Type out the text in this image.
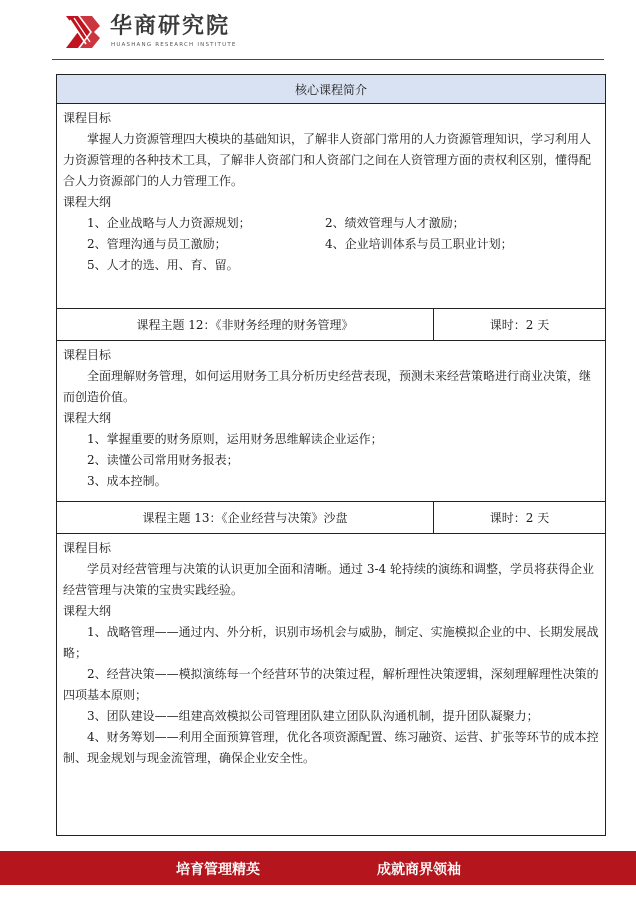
华商研究院
HUASHANG RESEARCH INSTITUTE
核心课程简介
课程目标

掌握人力资源管理四大模块的基础知识，了解非人资部门常用的人力资源管理知识，学习利用人力资源管理的各种技术工具，了解非人资部门和人资部门之间在人资管理方面的责权利区别，懂得配合人力资源部门的人力管理工作。

课程大纲
1、企业战略与人力资源规划；	2、绩效管理与人才激励；
2、管理沟通与员工激励；	4、企业培训体系与员工职业计划；
5、人才的选、用、育、留。
课程主题 12：《非财务经理的财务管理》	课时：2 天
课程目标

全面理解财务管理，如何运用财务工具分析历史经营表现，预测未来经营策略进行商业决策，继而创造价值。

课程大纲
1、掌握重要的财务原则，运用财务思维解读企业运作；
2、读懂公司常用财务报表；
3、成本控制。
课程主题 13：《企业经营与决策》沙盘	课时：2 天
课程目标

学员对经营管理与决策的认识更加全面和清晰。通过 3-4 轮持续的演练和调整，学员将获得企业经营管理与决策的宝贵实践经验。

课程大纲

1、战略管理——通过内、外分析，识别市场机会与威胁，制定、实施模拟企业的中、长期发展战略；

2、经营决策——模拟演练每一个经营环节的决策过程，解析理性决策逻辑，深刻理解理性决策的四项基本原则；

3、团队建设——组建高效模拟公司管理团队建立团队队沟通机制，提升团队凝聚力；

4、财务筹划——利用全面预算管理，优化各项资源配置、练习融资、运营、扩张等环节的成本控制、现金规划与现金流管理，确保企业安全性。

培育管理精英	成就商界领袖
